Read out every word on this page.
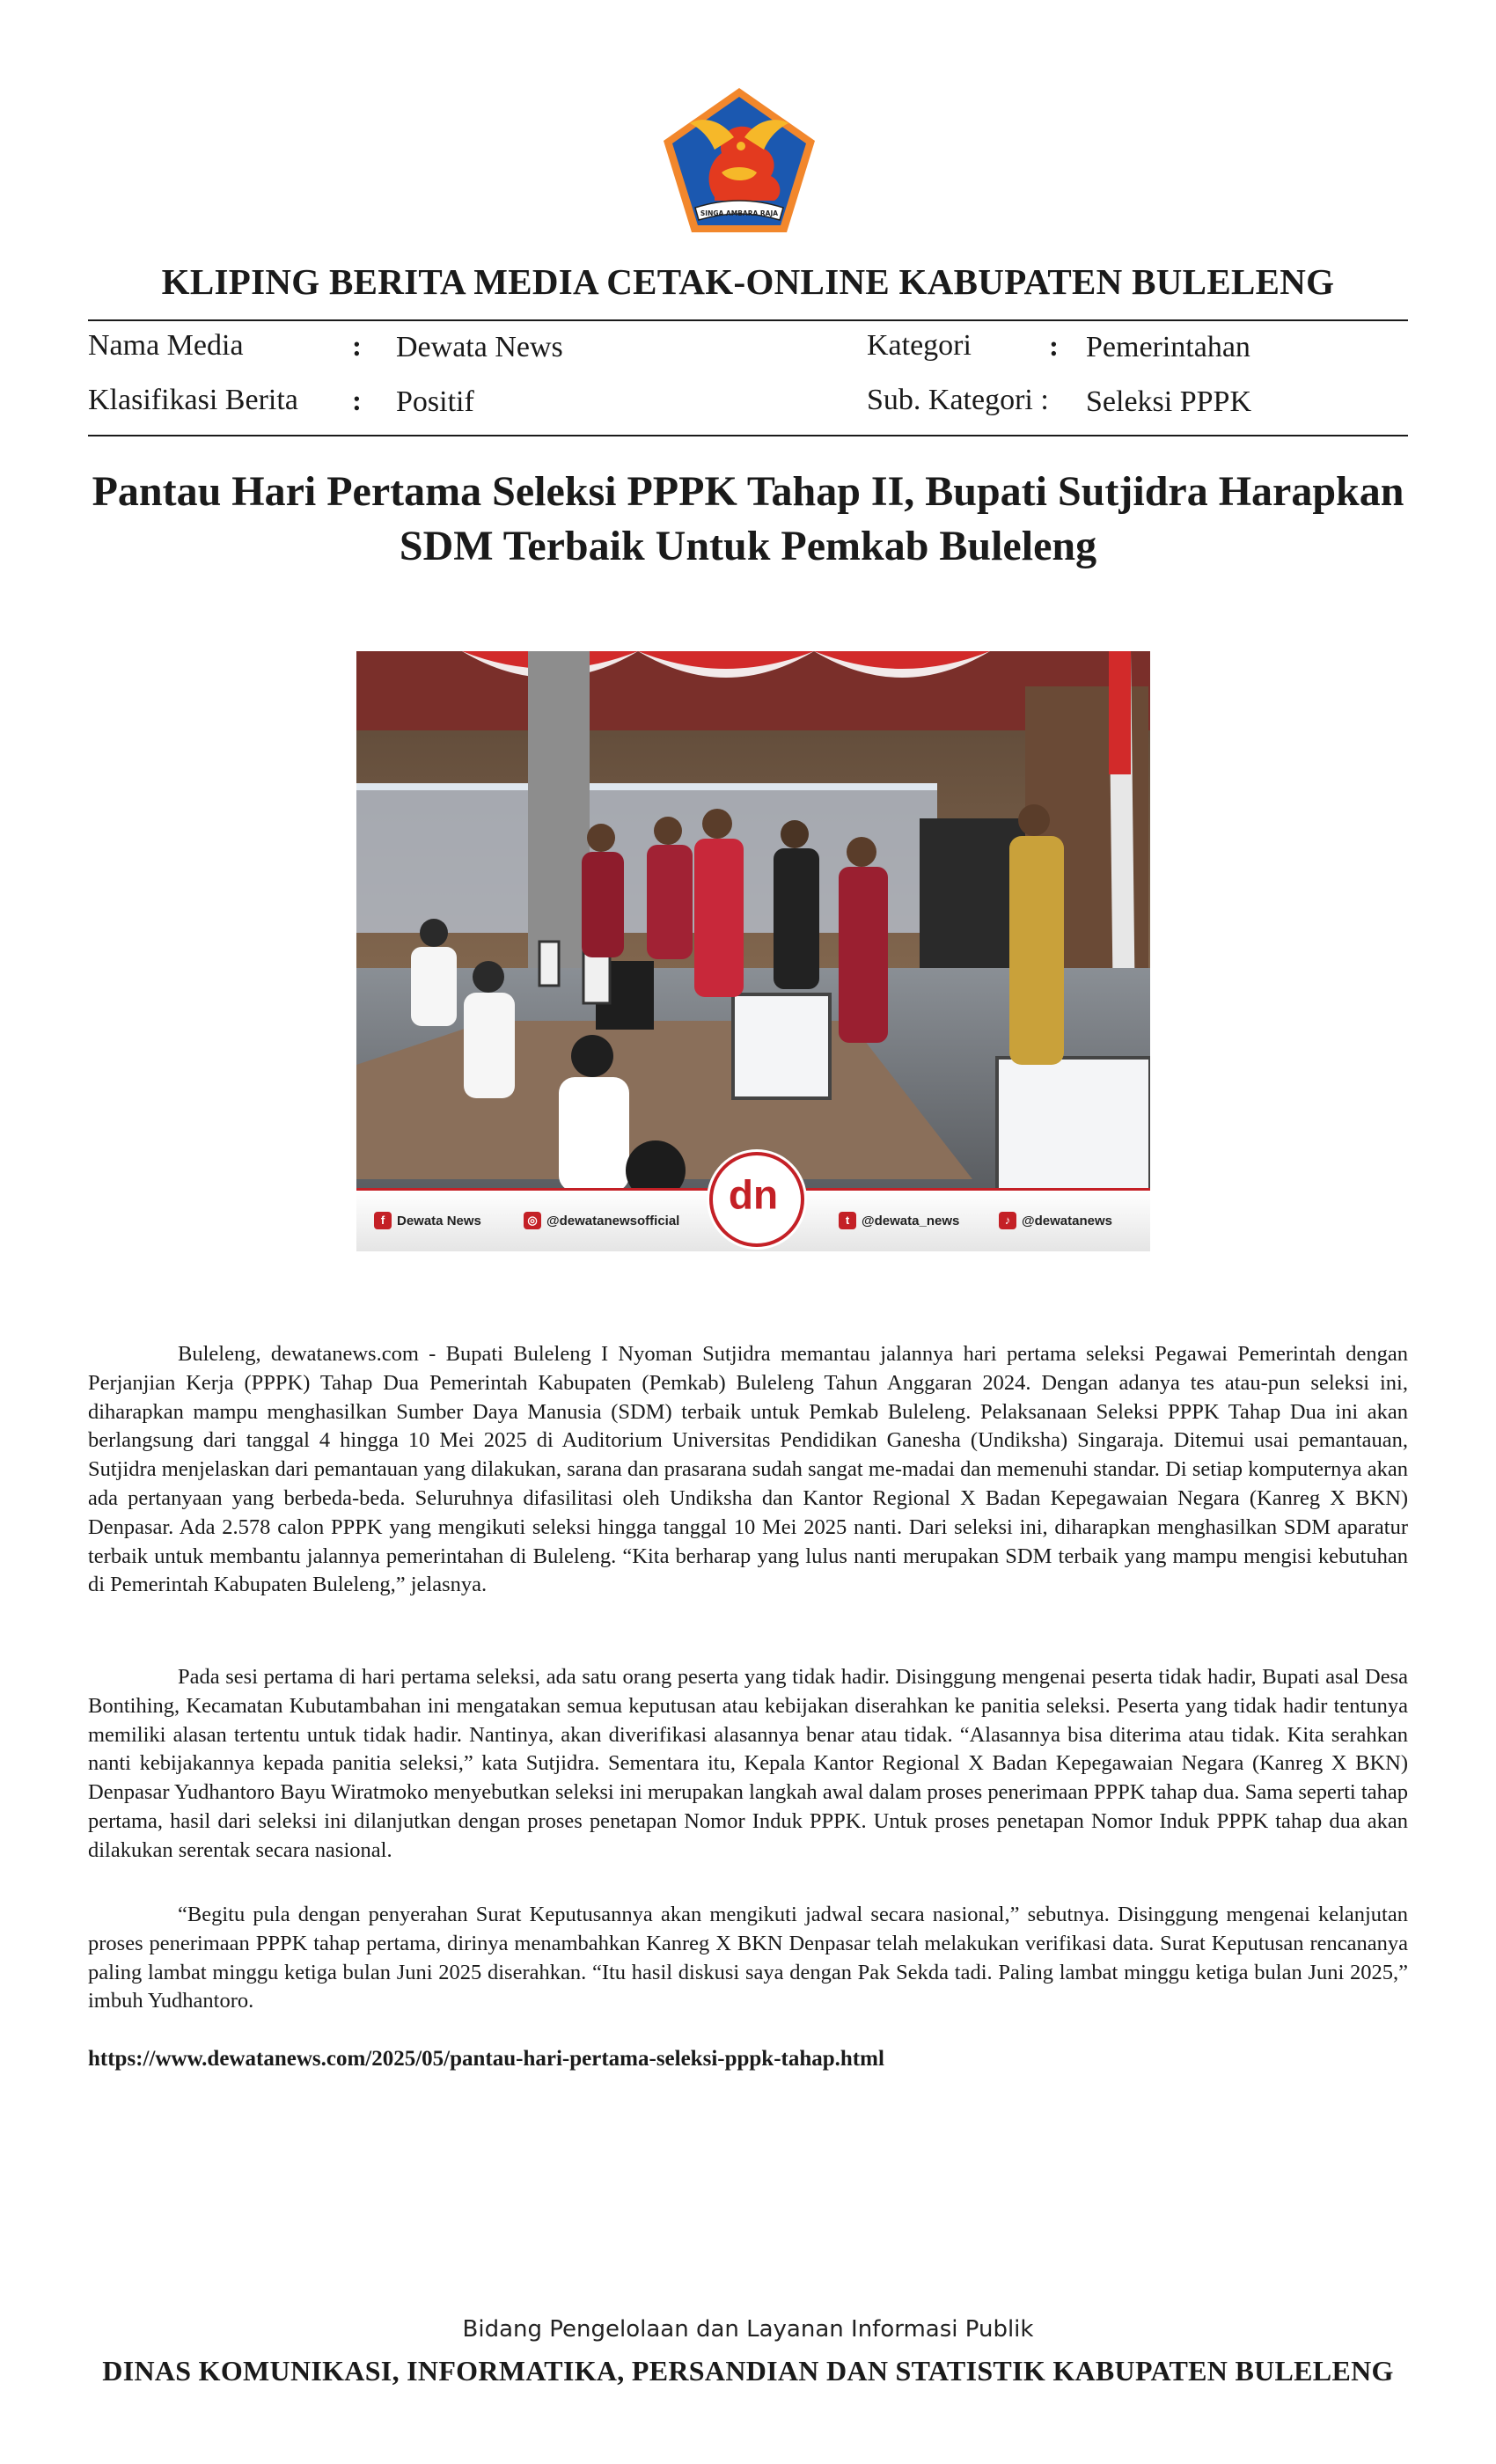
SINGA AMBARA RAJA
KLIPING BERITA MEDIA CETAK-ONLINE KABUPATEN BULELENG
Nama Media	: Dewata News
Klasifikasi Berita : Positif
Kategori	: Pemerintahan
Sub. Kategori : Seleksi PPPK
Pantau Hari Pertama Seleksi PPPK Tahap II, Bupati Sutjidra Harapkan
SDM Terbaik Untuk Pemkab Buleleng
f Dewata News	◎ @dewatanewsofficial
dn
t @dewata_news	♪ @dewatanews
Buleleng, dewatanews.com - Bupati Buleleng I Nyoman Sutjidra memantau jalannya hari pertama seleksi Pegawai Pemerintah dengan Perjanjian Kerja (PPPK) Tahap Dua Pemerintah Kabupaten (Pemkab) Buleleng Tahun Anggaran 2024. Dengan adanya tes atau-pun seleksi ini, diharapkan mampu menghasilkan Sumber Daya Manusia (SDM) terbaik untuk Pemkab Buleleng. Pelaksanaan Seleksi PPPK Tahap Dua ini akan berlangsung dari tanggal 4 hingga 10 Mei 2025 di Auditorium Universitas Pendidikan Ganesha (Undiksha) Singaraja. Ditemui usai pemantauan, Sutjidra menjelaskan dari pemantauan yang dilakukan, sarana dan prasarana sudah sangat me-madai dan memenuhi standar. Di setiap komputernya akan ada pertanyaan yang berbeda-beda. Seluruhnya difasilitasi oleh Undiksha dan Kantor Regional X Badan Kepegawaian Negara (Kanreg X BKN) Denpasar. Ada 2.578 calon PPPK yang mengikuti seleksi hingga tanggal 10 Mei 2025 nanti. Dari seleksi ini, diharapkan menghasilkan SDM aparatur terbaik untuk membantu jalannya pemerintahan di Buleleng. “Kita berharap yang lulus nanti merupakan SDM terbaik yang mampu mengisi kebutuhan di Pemerintah Kabupaten Buleleng,” jelasnya.
Pada sesi pertama di hari pertama seleksi, ada satu orang peserta yang tidak hadir. Disinggung mengenai peserta tidak hadir, Bupati asal Desa Bontihing, Kecamatan Kubutambahan ini mengatakan semua keputusan atau kebijakan diserahkan ke panitia seleksi. Peserta yang tidak hadir tentunya memiliki alasan tertentu untuk tidak hadir. Nantinya, akan diverifikasi alasannya benar atau tidak. “Alasannya bisa diterima atau tidak. Kita serahkan nanti kebijakannya kepada panitia seleksi,” kata Sutjidra. Sementara itu, Kepala Kantor Regional X Badan Kepegawaian Negara (Kanreg X BKN) Denpasar Yudhantoro Bayu Wiratmoko menyebutkan seleksi ini merupakan langkah awal dalam proses penerimaan PPPK tahap dua. Sama seperti tahap pertama, hasil dari seleksi ini dilanjutkan dengan proses penetapan Nomor Induk PPPK. Untuk proses penetapan Nomor Induk PPPK tahap dua akan dilakukan serentak secara nasional.
“Begitu pula dengan penyerahan Surat Keputusannya akan mengikuti jadwal secara nasional,” sebutnya. Disinggung mengenai kelanjutan proses penerimaan PPPK tahap pertama, dirinya menambahkan Kanreg X BKN Denpasar telah melakukan verifikasi data. Surat Keputusan rencananya paling lambat minggu ketiga bulan Juni 2025 diserahkan. “Itu hasil diskusi saya dengan Pak Sekda tadi. Paling lambat minggu ketiga bulan Juni 2025,” imbuh Yudhantoro.
https://www.dewatanews.com/2025/05/pantau-hari-pertama-seleksi-pppk-tahap.html
Bidang Pengelolaan dan Layanan Informasi Publik
DINAS KOMUNIKASI, INFORMATIKA, PERSANDIAN DAN STATISTIK KABUPATEN BULELENG
